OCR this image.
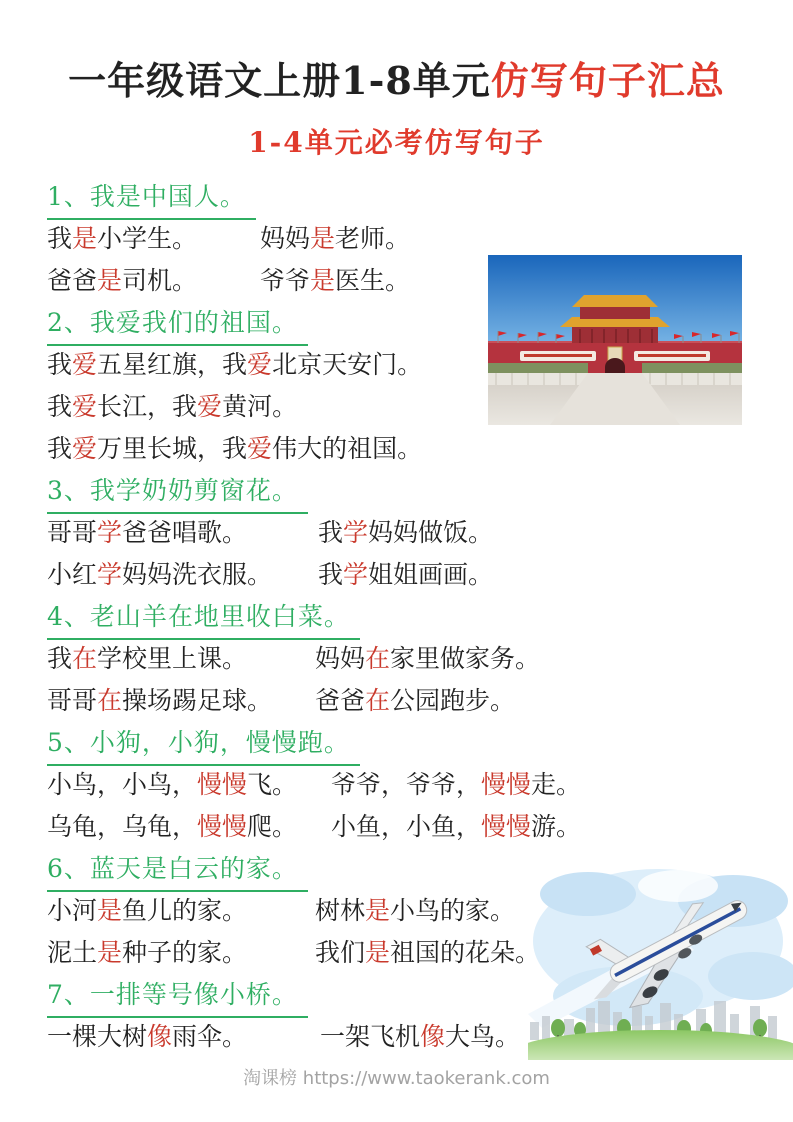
一年级语文上册1-8单元仿写句子汇总
1-4单元必考仿写句子
1、我是中国人。
我是小学生。	妈妈是老师。
爸爸是司机。	爷爷是医生。
2、我爱我们的祖国。
我爱五星红旗，我爱北京天安门。
我爱长江，我爱黄河。
我爱万里长城，我爱伟大的祖国。
3、我学奶奶剪窗花。
哥哥学爸爸唱歌。	我学妈妈做饭。
小红学妈妈洗衣服。	我学姐姐画画。
4、老山羊在地里收白菜。
我在学校里上课。	妈妈在家里做家务。
哥哥在操场踢足球。	爸爸在公园跑步。
5、小狗，小狗，慢慢跑。
小鸟，小鸟，慢慢飞。	爷爷，爷爷，慢慢走。
乌龟，乌龟，慢慢爬。	小鱼，小鱼，慢慢游。
6、蓝天是白云的家。
小河是鱼儿的家。	树林是小鸟的家。
泥土是种子的家。	我们是祖国的花朵。
7、一排等号像小桥。
一棵大树像雨伞。	一架飞机像大鸟。
淘课榜 https://www.taokerank.com
